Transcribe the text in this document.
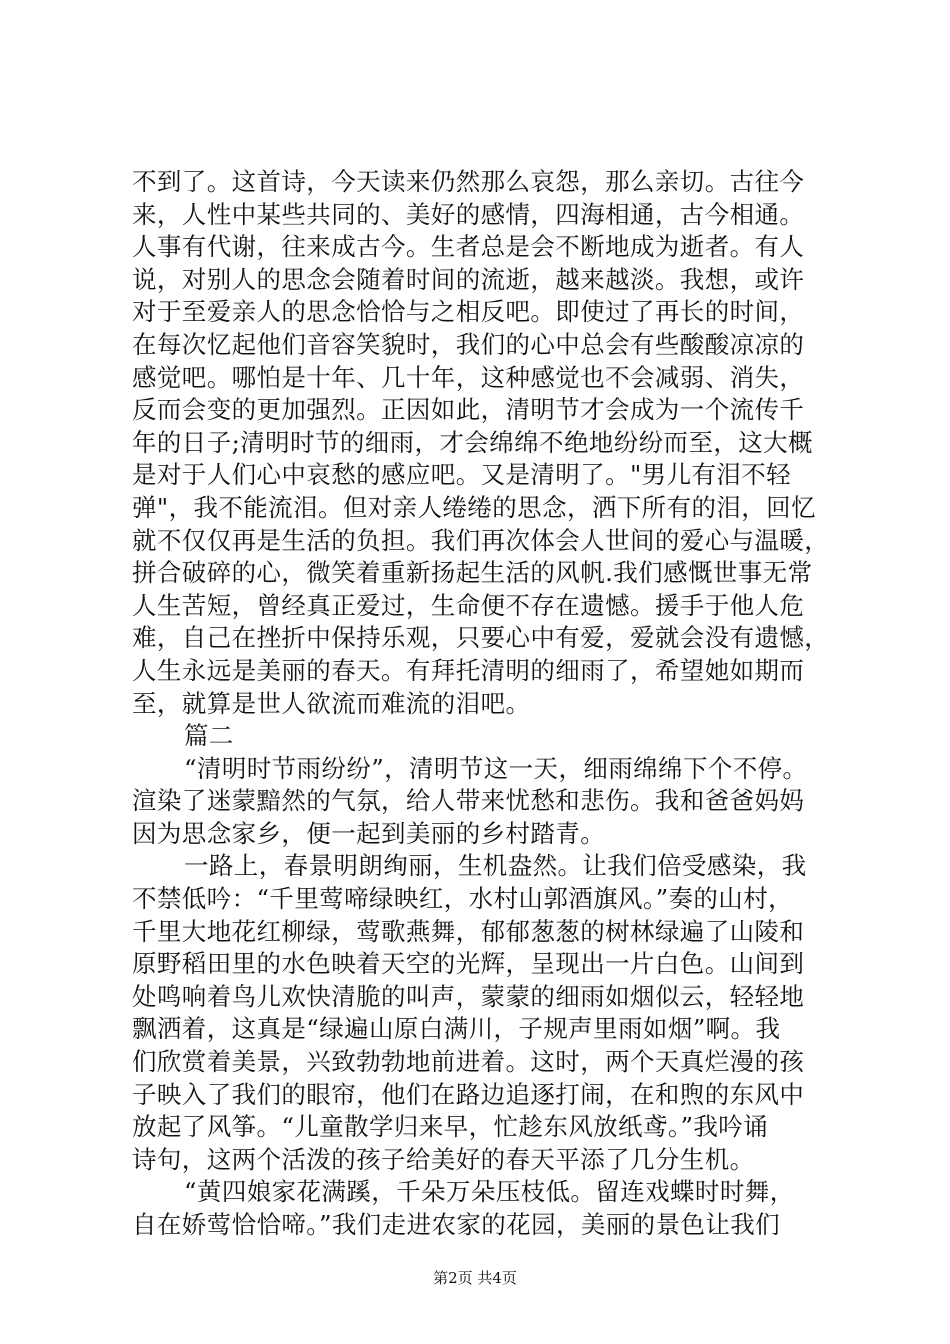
不到了。这首诗，今天读来仍然那么哀怨，那么亲切。古往今
来，人性中某些共同的、美好的感情，四海相通，古今相通。
人事有代谢，往来成古今。生者总是会不断地成为逝者。有人
说，对别人的思念会随着时间的流逝，越来越淡。我想，或许
对于至爱亲人的思念恰恰与之相反吧。即使过了再长的时间，
在每次忆起他们音容笑貌时，我们的心中总会有些酸酸凉凉的
感觉吧。哪怕是十年、几十年，这种感觉也不会减弱、消失，
反而会变的更加强烈。正因如此，清明节才会成为一个流传千
年的日子;清明时节的细雨，才会绵绵不绝地纷纷而至，这大概
是对于人们心中哀愁的感应吧。又是清明了。"男儿有泪不轻
弹"，我不能流泪。但对亲人绻绻的思念，洒下所有的泪，回忆
就不仅仅再是生活的负担。我们再次体会人世间的爱心与温暖，
拼合破碎的心，微笑着重新扬起生活的风帆.我们感慨世事无常
人生苦短，曾经真正爱过，生命便不存在遗憾。援手于他人危
难，自己在挫折中保持乐观，只要心中有爱，爱就会没有遗憾，
人生永远是美丽的春天。有拜托清明的细雨了，希望她如期而
至，就算是世人欲流而难流的泪吧。
篇二
“清明时节雨纷纷”，清明节这一天，细雨绵绵下个不停。
渲染了迷蒙黯然的气氛，给人带来忧愁和悲伤。我和爸爸妈妈
因为思念家乡，便一起到美丽的乡村踏青。
一路上，春景明朗绚丽，生机盎然。让我们倍受感染，我
不禁低吟：“千里莺啼绿映红，水村山郭酒旗风。”奏的山村，
千里大地花红柳绿，莺歌燕舞，郁郁葱葱的树林绿遍了山陵和
原野稻田里的水色映着天空的光辉，呈现出一片白色。山间到
处鸣响着鸟儿欢快清脆的叫声，蒙蒙的细雨如烟似云，轻轻地
飘洒着，这真是“绿遍山原白满川，子规声里雨如烟”啊。我
们欣赏着美景，兴致勃勃地前进着。这时，两个天真烂漫的孩
子映入了我们的眼帘，他们在路边追逐打闹，在和煦的东风中
放起了风筝。“儿童散学归来早，忙趁东风放纸鸢。”我吟诵
诗句，这两个活泼的孩子给美好的春天平添了几分生机。
“黄四娘家花满蹊，千朵万朵压枝低。留连戏蝶时时舞，
自在娇莺恰恰啼。”我们走进农家的花园，美丽的景色让我们
第2页 共4页
